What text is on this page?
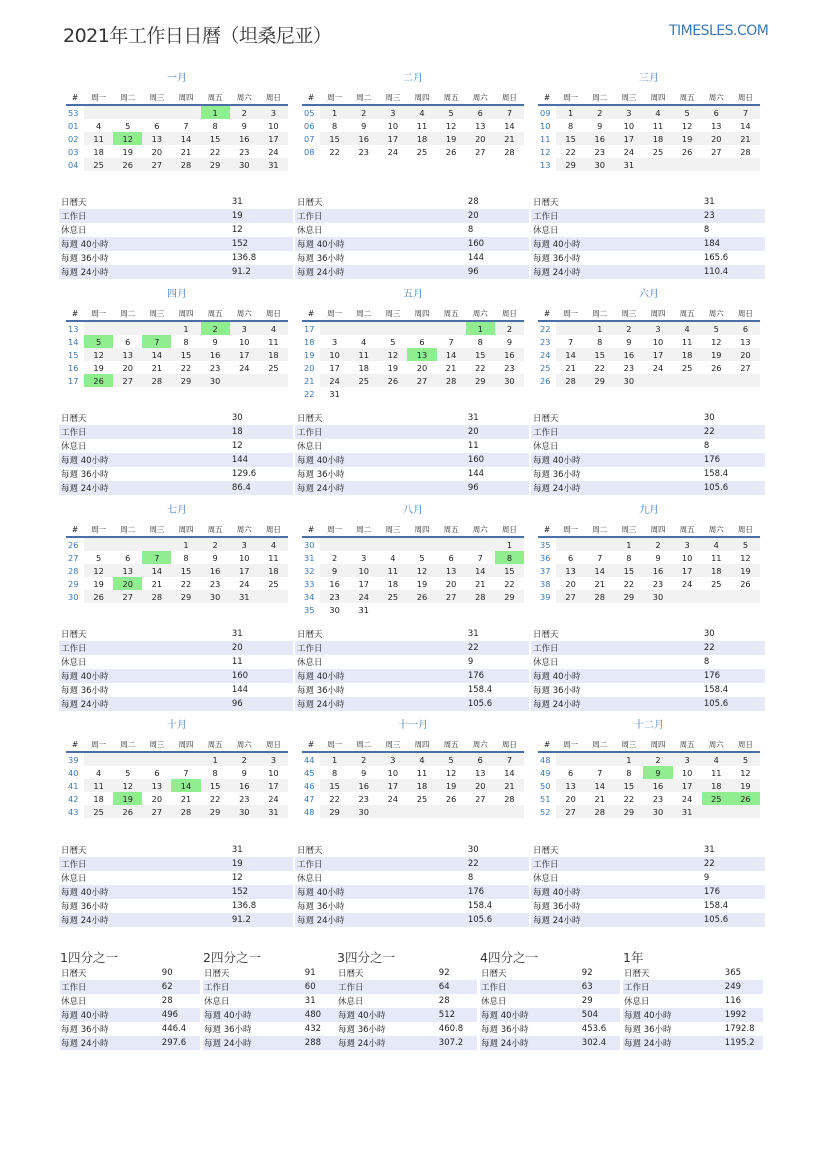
2021年工作日日曆（坦桑尼亚）	TIMESLES.COM
一月
#	周一	周二	周三	周四	周五	周六	周日
53					1	2	3
01	4	5	6	7	8	9	10
02	11	12	13	14	15	16	17
03	18	19	20	21	22	23	24
04	25	26	27	28	29	30	31
日曆天	31
工作日	19
休息日	12
每週 40小時	152
每週 36小時	136.8
每週 24小時	91.2
二月
#	周一	周二	周三	周四	周五	周六	周日
05	1	2	3	4	5	6	7
06	8	9	10	11	12	13	14
07	15	16	17	18	19	20	21
08	22	23	24	25	26	27	28
日曆天	28
工作日	20
休息日	8
每週 40小時	160
每週 36小時	144
每週 24小時	96
三月
#	周一	周二	周三	周四	周五	周六	周日
09	1	2	3	4	5	6	7
10	8	9	10	11	12	13	14
11	15	16	17	18	19	20	21
12	22	23	24	25	26	27	28
13	29	30	31				
日曆天	31
工作日	23
休息日	8
每週 40小時	184
每週 36小時	165.6
每週 24小時	110.4
四月
#	周一	周二	周三	周四	周五	周六	周日
13				1	2	3	4
14	5	6	7	8	9	10	11
15	12	13	14	15	16	17	18
16	19	20	21	22	23	24	25
17	26	27	28	29	30		
日曆天	30
工作日	18
休息日	12
每週 40小時	144
每週 36小時	129.6
每週 24小時	86.4
五月
#	周一	周二	周三	周四	周五	周六	周日
17						1	2
18	3	4	5	6	7	8	9
19	10	11	12	13	14	15	16
20	17	18	19	20	21	22	23
21	24	25	26	27	28	29	30
22	31						
日曆天	31
工作日	20
休息日	11
每週 40小時	160
每週 36小時	144
每週 24小時	96
六月
#	周一	周二	周三	周四	周五	周六	周日
22		1	2	3	4	5	6
23	7	8	9	10	11	12	13
24	14	15	16	17	18	19	20
25	21	22	23	24	25	26	27
26	28	29	30				
日曆天	30
工作日	22
休息日	8
每週 40小時	176
每週 36小時	158.4
每週 24小時	105.6
七月
#	周一	周二	周三	周四	周五	周六	周日
26				1	2	3	4
27	5	6	7	8	9	10	11
28	12	13	14	15	16	17	18
29	19	20	21	22	23	24	25
30	26	27	28	29	30	31	
日曆天	31
工作日	20
休息日	11
每週 40小時	160
每週 36小時	144
每週 24小時	96
八月
#	周一	周二	周三	周四	周五	周六	周日
30							1
31	2	3	4	5	6	7	8
32	9	10	11	12	13	14	15
33	16	17	18	19	20	21	22
34	23	24	25	26	27	28	29
35	30	31					
日曆天	31
工作日	22
休息日	9
每週 40小時	176
每週 36小時	158.4
每週 24小時	105.6
九月
#	周一	周二	周三	周四	周五	周六	周日
35			1	2	3	4	5
36	6	7	8	9	10	11	12
37	13	14	15	16	17	18	19
38	20	21	22	23	24	25	26
39	27	28	29	30			
日曆天	30
工作日	22
休息日	8
每週 40小時	176
每週 36小時	158.4
每週 24小時	105.6
十月
#	周一	周二	周三	周四	周五	周六	周日
39					1	2	3
40	4	5	6	7	8	9	10
41	11	12	13	14	15	16	17
42	18	19	20	21	22	23	24
43	25	26	27	28	29	30	31
日曆天	31
工作日	19
休息日	12
每週 40小時	152
每週 36小時	136.8
每週 24小時	91.2
十一月
#	周一	周二	周三	周四	周五	周六	周日
44	1	2	3	4	5	6	7
45	8	9	10	11	12	13	14
46	15	16	17	18	19	20	21
47	22	23	24	25	26	27	28
48	29	30					
日曆天	30
工作日	22
休息日	8
每週 40小時	176
每週 36小時	158.4
每週 24小時	105.6
十二月
#	周一	周二	周三	周四	周五	周六	周日
48			1	2	3	4	5
49	6	7	8	9	10	11	12
50	13	14	15	16	17	18	19
51	20	21	22	23	24	25	26
52	27	28	29	30	31		
日曆天	31
工作日	22
休息日	9
每週 40小時	176
每週 36小時	158.4
每週 24小時	105.6
1四分之一
日曆天	90
工作日	62
休息日	28
每週 40小時	496
每週 36小時	446.4
每週 24小時	297.6
2四分之一
日曆天	91
工作日	60
休息日	31
每週 40小時	480
每週 36小時	432
每週 24小時	288
3四分之一
日曆天	92
工作日	64
休息日	28
每週 40小時	512
每週 36小時	460.8
每週 24小時	307.2
4四分之一
日曆天	92
工作日	63
休息日	29
每週 40小時	504
每週 36小時	453.6
每週 24小時	302.4
1年
日曆天	365
工作日	249
休息日	116
每週 40小時	1992
每週 36小時	1792.8
每週 24小時	1195.2
